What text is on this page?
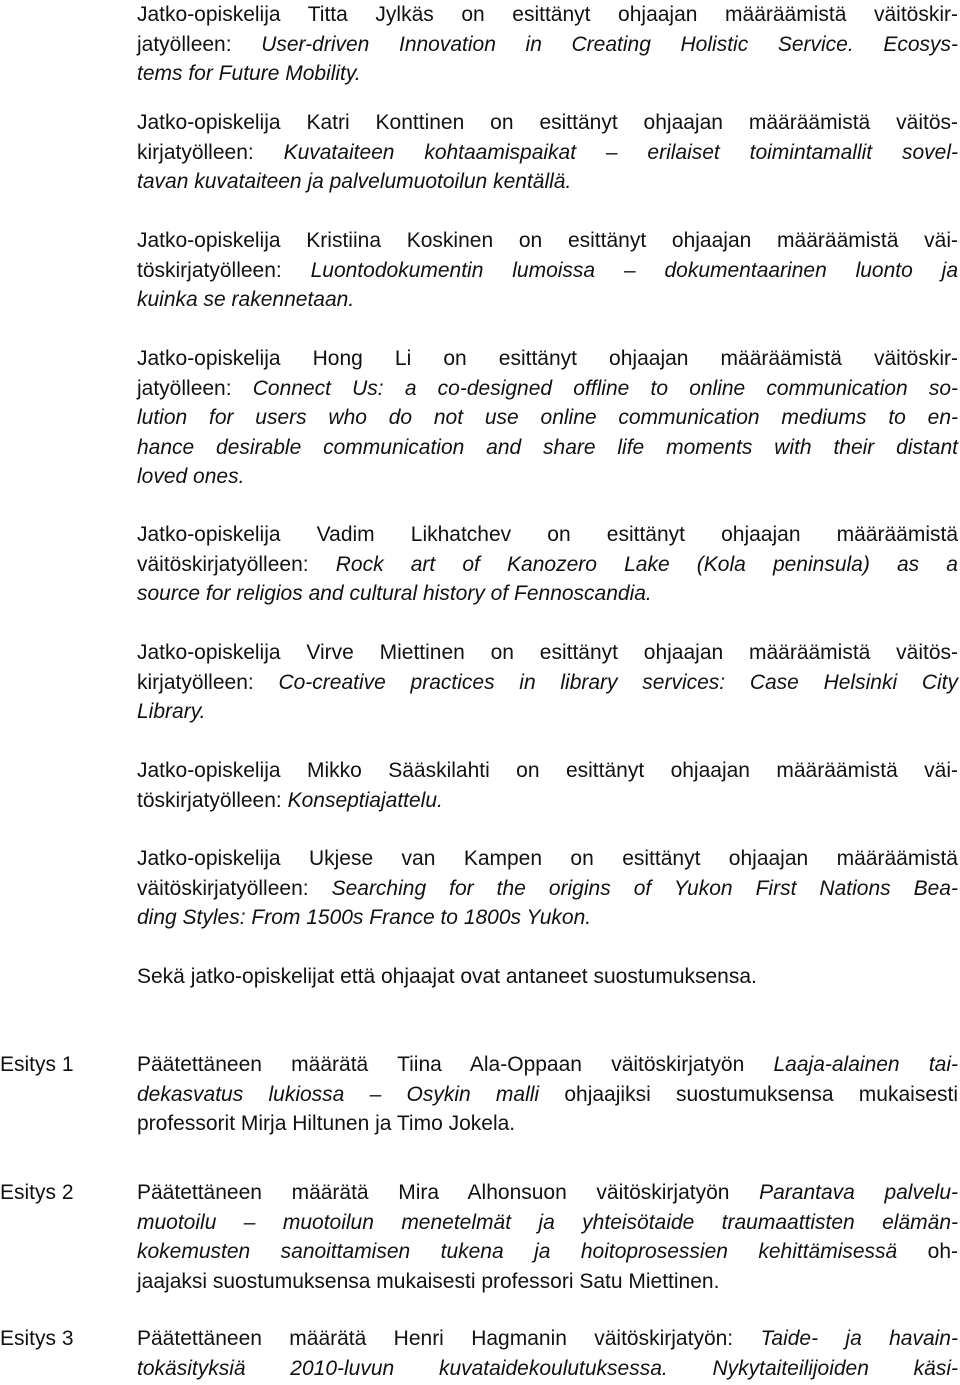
Jatko-opiskelija Titta Jylkäs on esittänyt ohjaajan määräämistä väitöskir-
jatyölleen: User-driven Innovation in Creating Holistic Service. Ecosys-
tems for Future Mobility.
Jatko-opiskelija Katri Konttinen on esittänyt ohjaajan määräämistä väitös-
kirjatyölleen: Kuvataiteen kohtaamispaikat – erilaiset toimintamallit sovel-
tavan kuvataiteen ja palvelumuotoilun kentällä.
Jatko-opiskelija Kristiina Koskinen on esittänyt ohjaajan määräämistä väi-
töskirjatyölleen: Luontodokumentin lumoissa – dokumentaarinen luonto ja
kuinka se rakennetaan.
Jatko-opiskelija Hong Li on esittänyt ohjaajan määräämistä väitöskir-
jatyölleen: Connect Us: a co-designed offline to online communication so-
lution for users who do not use online communication mediums to en-
hance desirable communication and share life moments with their distant
loved ones.
Jatko-opiskelija Vadim Likhatchev on esittänyt ohjaajan määräämistä
väitöskirjatyölleen: Rock art of Kanozero Lake (Kola peninsula) as a
source for religios and cultural history of Fennoscandia.
Jatko-opiskelija Virve Miettinen on esittänyt ohjaajan määräämistä väitös-
kirjatyölleen: Co-creative practices in library services: Case Helsinki City
Library.
Jatko-opiskelija Mikko Sääskilahti on esittänyt ohjaajan määräämistä väi-
töskirjatyölleen: Konseptiajattelu.
Jatko-opiskelija Ukjese van Kampen on esittänyt ohjaajan määräämistä
väitöskirjatyölleen: Searching for the origins of Yukon First Nations Bea-
ding Styles: From 1500s France to 1800s Yukon.
Sekä jatko-opiskelijat että ohjaajat ovat antaneet suostumuksensa.
Esitys 1	Päätettäneen määrätä Tiina Ala-Oppaan väitöskirjatyön Laaja-alainen tai-
dekasvatus lukiossa – Osykin malli ohjaajiksi suostumuksensa mukaisesti
professorit Mirja Hiltunen ja Timo Jokela.
Esitys 2	Päätettäneen määrätä Mira Alhonsuon väitöskirjatyön Parantava palvelu-
muotoilu – muotoilun menetelmät ja yhteisötaide traumaattisten elämän-
kokemusten sanoittamisen tukena ja hoitoprosessien kehittämisessä oh-
jaajaksi suostumuksensa mukaisesti professori Satu Miettinen.
Esitys 3	Päätettäneen määrätä Henri Hagmanin väitöskirjatyön: Taide- ja havain-
tokäsityksiä 2010-luvun kuvataidekoulutuksessa. Nykytaiteilijoiden käsi-
